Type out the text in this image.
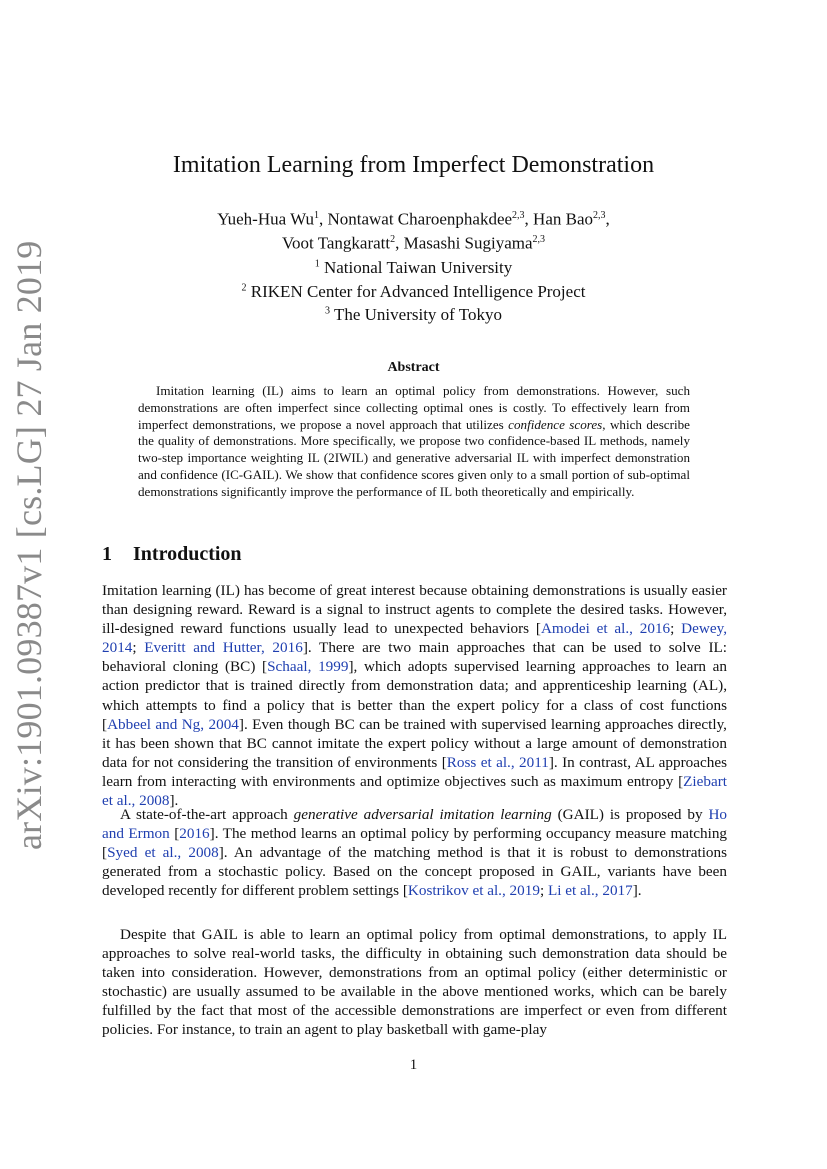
arXiv:1901.09387v1 [cs.LG] 27 Jan 2019
Imitation Learning from Imperfect Demonstration
Yueh-Hua Wu$^1$, Nontawat Charoenphakdee$^{2,3}$, Han Bao$^{2,3}$,
Voot Tangkaratt$^2$, Masashi Sugiyama$^{2,3}$
$^1$ National Taiwan University
$^2$ RIKEN Center for Advanced Intelligence Project
$^3$ The University of Tokyo
Abstract
Imitation learning (IL) aims to learn an optimal policy from demonstrations. However, such demonstrations are often imperfect since collecting optimal ones is costly. To effectively learn from imperfect demonstrations, we propose a novel approach that utilizes confidence scores, which describe the quality of demonstrations. More specifically, we propose two confidence-based IL methods, namely two-step importance weighting IL (2IWIL) and generative adversarial IL with imperfect demonstration and confidence (IC-GAIL). We show that confidence scores given only to a small portion of sub-optimal demonstrations significantly improve the performance of IL both theoretically and empirically.
1 Introduction
Imitation learning (IL) has become of great interest because obtaining demonstrations is usually easier than designing reward. Reward is a signal to instruct agents to complete the desired tasks. However, ill-designed reward functions usually lead to unexpected behaviors [Amodei et al., 2016; Dewey, 2014; Everitt and Hutter, 2016]. There are two main approaches that can be used to solve IL: behavioral cloning (BC) [Schaal, 1999], which adopts supervised learning approaches to learn an action predictor that is trained directly from demonstration data; and apprenticeship learning (AL), which attempts to find a policy that is better than the expert policy for a class of cost functions [Abbeel and Ng, 2004]. Even though BC can be trained with supervised learning approaches directly, it has been shown that BC cannot imitate the expert policy without a large amount of demonstration data for not considering the transition of environments [Ross et al., 2011]. In contrast, AL approaches learn from interacting with environments and optimize objectives such as maximum entropy [Ziebart et al., 2008].
A state-of-the-art approach generative adversarial imitation learning (GAIL) is proposed by Ho and Ermon [2016]. The method learns an optimal policy by performing occupancy measure matching [Syed et al., 2008]. An advantage of the matching method is that it is robust to demonstrations generated from a stochastic policy. Based on the concept proposed in GAIL, variants have been developed recently for different problem settings [Kostrikov et al., 2019; Li et al., 2017].
Despite that GAIL is able to learn an optimal policy from optimal demonstrations, to apply IL approaches to solve real-world tasks, the difficulty in obtaining such demonstration data should be taken into consideration. However, demonstrations from an optimal policy (either deterministic or stochastic) are usually assumed to be available in the above mentioned works, which can be barely fulfilled by the fact that most of the accessible demonstrations are imperfect or even from different policies. For instance, to train an agent to play basketball with game-play
1
